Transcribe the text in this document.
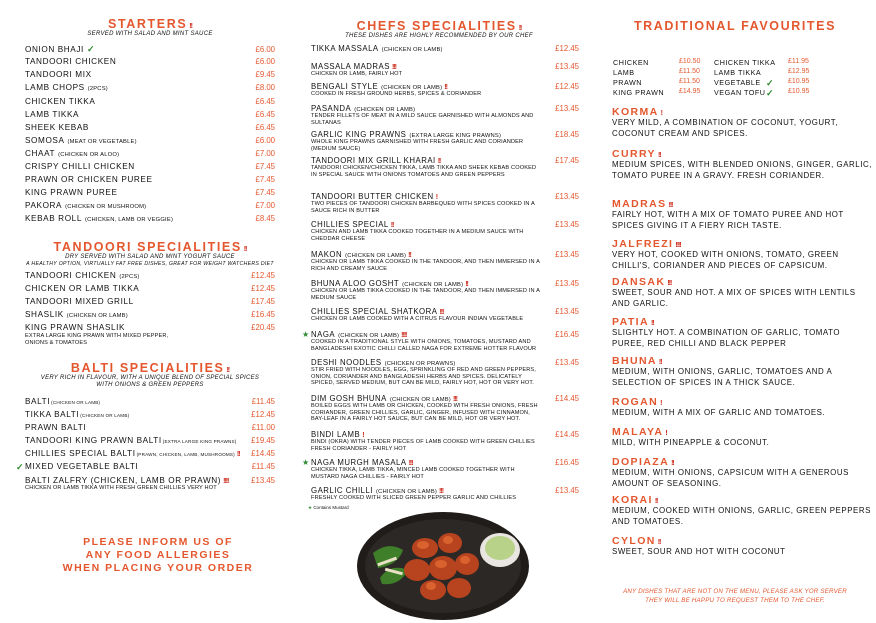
STARTERS !!
SERVED WITH SALAD AND MINT SAUCE
ONION BHAJI ✓	£6.00
TANDOORI CHICKEN	£6.00
TANDOORI MIX	£9.45
LAMB CHOPS (2PCS)	£8.00
CHICKEN TIKKA	£6.45
LAMB TIKKA	£6.45
SHEEK KEBAB	£6.45
SOMOSA (MEAT OR VEGETABLE)	£6.00
CHAAT (CHICKEN OR ALOO)	£7.00
CRISPY CHILLI CHICKEN	£7.45
PRAWN OR CHICKEN PUREE	£7.45
KING PRAWN PUREE	£7.45
PAKORA (CHICKEN OR MUSHROOM)	£7.00
KEBAB ROLL (CHICKEN, LAMB OR VEGGIE)	£8.45
TANDOORI SPECIALITIES !!
DRY SERVED WITH SALAD AND MINT YOGURT SAUCE
A HEALTHY OPTION, VIRTUALLY FAT FREE DISHES, GREAT FOR WEIGHT WATCHERS DIET
TANDOORI CHICKEN (2PCS)	£12.45
CHICKEN OR LAMB TIKKA	£12.45
TANDOORI MIXED GRILL	£17.45
SHASLIK (CHICKEN OR LAMB)	£16.45
KING PRAWN SHASLIK	£20.45
EXTRA LARGE KING PRAWN WITH MIXED PEPPER,
ONIONS & TOMATOES
BALTI SPECIALITIES !!
VERY RICH IN FLAVOUR, WITH A UNIQUE BLEND OF SPECIAL SPICES
WITH ONIONS & GREEN PEPPERS
BALTI(CHICKEN OR LAMB)	£11.45
TIKKA BALTI(CHICKEN OR LAMB)	£12.45
PRAWN BALTI	£11.00
TANDOORI KING PRAWN BALTI(EXTRA LARGE KING PRAWNS) £19.45
CHILLIES SPECIAL BALTI(PRAWN, CHICKEN, LAMB, MUSHROOMS) !! £14.45
✓ MIXED VEGETABLE BALTI	£11.45
BALTI ZALFRY (CHICKEN, LAMB OR PRAWN) !!!!	£13.45
CHICKEN OR LAMB TIKKA WITH FRESH GREEN CHILLIES VERY HOT
PLEASE INFORM US OF
ANY FOOD ALLERGIES
WHEN PLACING YOUR ORDER
CHEFS SPECIALITIES !!
THESE DISHES ARE HIGHLY RECOMMENDED BY OUR CHEF
TIKKA MASSALA (CHICKEN OR LAMB)	£12.45
MASSALA MADRAS !!!	£13.45
CHICKEN OR LAMB, FAIRLY HOT
BENGALI STYLE (CHICKEN OR LAMB) !!	£12.45
COOKED IN FRESH GROUND HERBS, SPICES & CORIANDER
PASANDA (CHICKEN OR LAMB)	£13.45
TENDER FILLETS OF MEAT IN A MILD SAUCE GARNISHED WITH ALMONDS AND SULTANAS
GARLIC KING PRAWNS (EXTRA LARGE KING PRAWNS)	£18.45
WHOLE KING PRAWNS GARNISHED WITH FRESH GARLIC AND CORIANDER (MEDIUM SAUCE)
TANDOORI MIX GRILL KHARAI !!	£17.45
TANDOORI CHICKEN/CHICKEN TIKKA, LAMB TIKKA AND SHEEK KEBAB COOKED IN SPECIAL SAUCE WITH ONIONS TOMATOES AND GREEN PEPPERS
TANDOORI BUTTER CHICKEN !	£13.45
TWO PIECES OF TANDOORI CHICKEN BARBEQUED WITH SPICES COOKED IN A SAUCE RICH IN BUTTER
CHILLIES SPECIAL !!	£13.45
CHICKEN AND LAMB TIKKA COOKED TOGETHER IN A MEDIUM SAUCE WITH CHEDDAR CHEESE
MAKON (CHICKEN OR LAMB) !!	£13.45
CHICKEN OR LAMB TIKKA COOKED IN THE TANDOOR, AND THEN IMMERSED IN A RICH AND CREAMY SAUCE
BHUNA ALOO GOSHT (CHICKEN OR LAMB) !!	£13.45
CHICKEN OR LAMB TIKKA COOKED IN THE TANDOOR, AND THEN IMMERSED IN A MEDIUM SAUCE
CHILLIES SPECIAL SHATKORA !!!	£13.45
CHICKEN OR LAMB COOKED WITH A CITRUS FLAVOUR INDIAN VEGETABLE
★ NAGA (CHICKEN OR LAMB) !!!!	£16.45
COOKED IN A TRADITIONAL STYLE WITH ONIONS, TOMATOES, MUSTARD AND BANGLADESHI EXOTIC CHILLI CALLED NAGA FOR EXTREME HOTTER FLAVOUR
DESHI NOODLES (CHICKEN OR PRAWNS)	£13.45
STIR FRIED WITH NOODLES, EGG, SPRINKLING OF RED AND GREEN PEPPERS, ONION, CORIANDER AND BANGLADESHI HERBS AND SPICES. DELICATELY SPICED, SERVED MEDIUM, BUT CAN BE MILD, FAIRLY HOT, HOT OR VERY HOT.
DIM GOSH BHUNA (CHICKEN OR LAMB) !!!	£14.45
BOILED EGGS WITH LAMB OR CHICKEN, COOKED WITH FRESH ONIONS, FRESH CORIANDER, GREEN CHILLIES, GARLIC, GINGER, INFUSED WITH CINNAMON, BAY-LEAF IN A FAIRLY HOT SAUCE, BUT CAN BE MILD, HOT OR VERY HOT.
BINDI LAMB !	£14.45
BINDI (OKRA) WITH TENDER PIECES OF LAMB COOKED WITH GREEN CHILLIES FRESH CORIANDER - FAIRLY HOT
★ NAGA MURGH MASALA !!!	£16.45
CHICKEN TIKKA, LAMB TIKKA, MINCED LAMB COOKED TOGETHER WITH MUSTARD NAGA CHILLIES - FAIRLY HOT
GARLIC CHILLI (CHICKEN OR LAMB) !!!	£13.45
FRESHLY COOKED WITH SLICED GREEN PEPPER GARLIC AND CHILLIES
★ Contains Mustard
TRADITIONAL FAVOURITES
CHICKEN	£10.50	CHICKEN TIKKA	£11.95
LAMB	£11.50	LAMB TIKKA	£12.95
PRAWN	£11.50	VEGETABLE ✓	£10.95
KING PRAWN	£14.95	VEGAN TOFU ✓	£10.95
KORMA !
VERY MILD, A COMBINATION OF COCONUT, YOGURT, COCONUT CREAM AND SPICES.
CURRY !!
MEDIUM SPICES, WITH BLENDED ONIONS, GINGER, GARLIC, TOMATO PUREE IN A GRAVY. FRESH CORIANDER.
MADRAS !!!
FAIRLY HOT, WITH A MIX OF TOMATO PUREE AND HOT SPICES GIVING IT A FIERY RICH TASTE.
JALFREZI !!!!
VERY HOT, COOKED WITH ONIONS, TOMATO, GREEN CHILLI'S, CORIANDER AND PIECES OF CAPSICUM.
DANSAK !!!
SWEET, SOUR AND HOT. A MIX OF SPICES WITH LENTILS AND GARLIC.
PATIA !!
SLIGHTLY HOT. A COMBINATION OF GARLIC, TOMATO PUREE, RED CHILLI AND BLACK PEPPER
BHUNA !!
MEDIUM, WITH ONIONS, GARLIC, TOMATOES AND A SELECTION OF SPICES IN A THICK SAUCE.
ROGAN !
MEDIUM, WITH A MIX OF GARLIC AND TOMATOES.
MALAYA !
MILD, WITH PINEAPPLE & COCONUT.
DOPIAZA !!
MEDIUM, WITH ONIONS, CAPSICUM WITH A GENEROUS AMOUNT OF SEASONING.
KORAI !!
MEDIUM, COOKED WITH ONIONS, GARLIC, GREEN PEPPERS AND TOMATOES.
CYLON !!
SWEET, SOUR AND HOT WITH COCONUT
ANY DISHES THAT ARE NOT ON THE MENU, PLEASE ASK YOR SERVER
THEY WILL BE HAPPU TO REQUEST THEM TO THE CHEF.
